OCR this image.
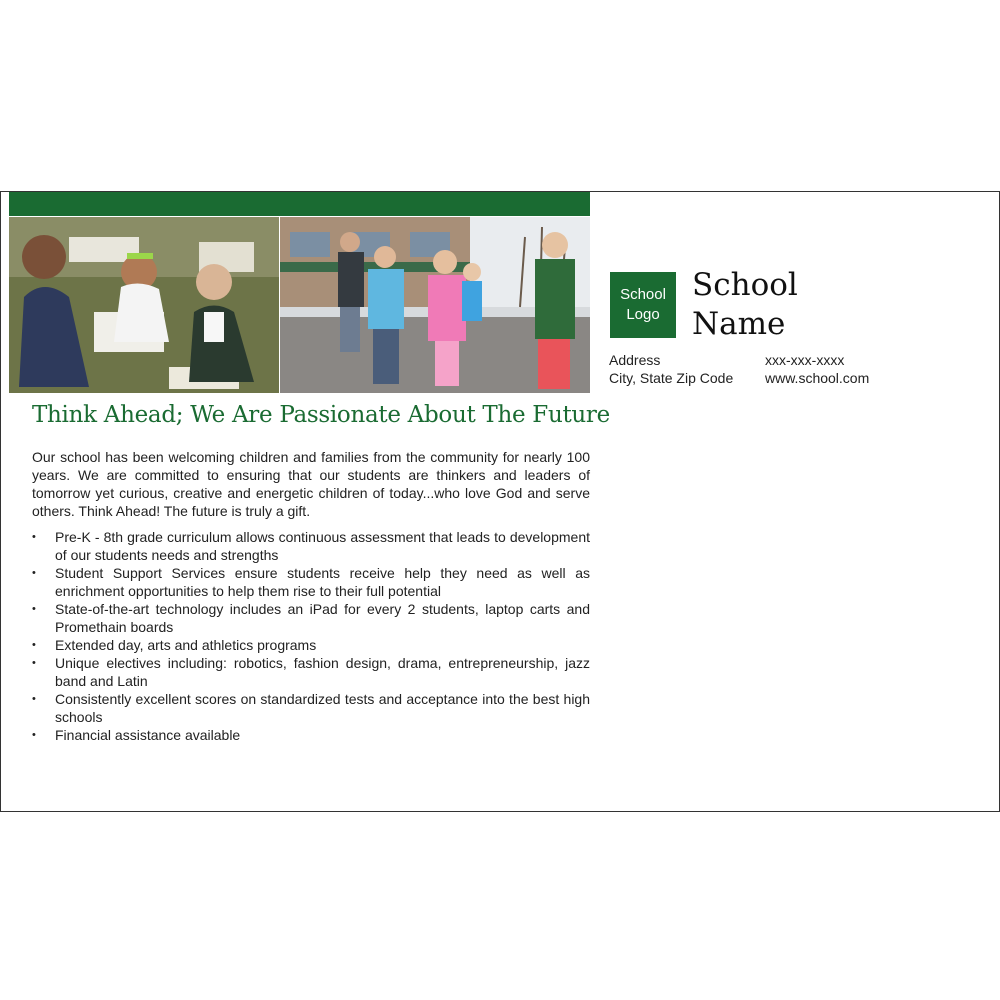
Think Ahead; We Are Passionate About The Future

Our school has been welcoming children and families from the community for nearly 100 years. We are committed to ensuring that our students are thinkers and leaders of tomorrow yet curious, creative and energetic children of today...who love God and serve others. Think Ahead! The future is truly a gift.

• Pre-K - 8th grade curriculum allows continuous assessment that leads to development of our students needs and strengths
• Student Support Services ensure students receive help they need as well as enrichment opportunities to help them rise to their full potential
• State-of-the-art technology includes an iPad for every 2 students, laptop carts and Promethain boards
• Extended day, arts and athletics programs
• Unique electives including: robotics, fashion design, drama, entrepreneurship, jazz band and Latin
• Consistently excellent scores on standardized tests and acceptance into the best high schools
• Financial assistance available
School
Logo
School
Name
Address
City, State Zip Code
xxx-xxx-xxxx
www.school.com
